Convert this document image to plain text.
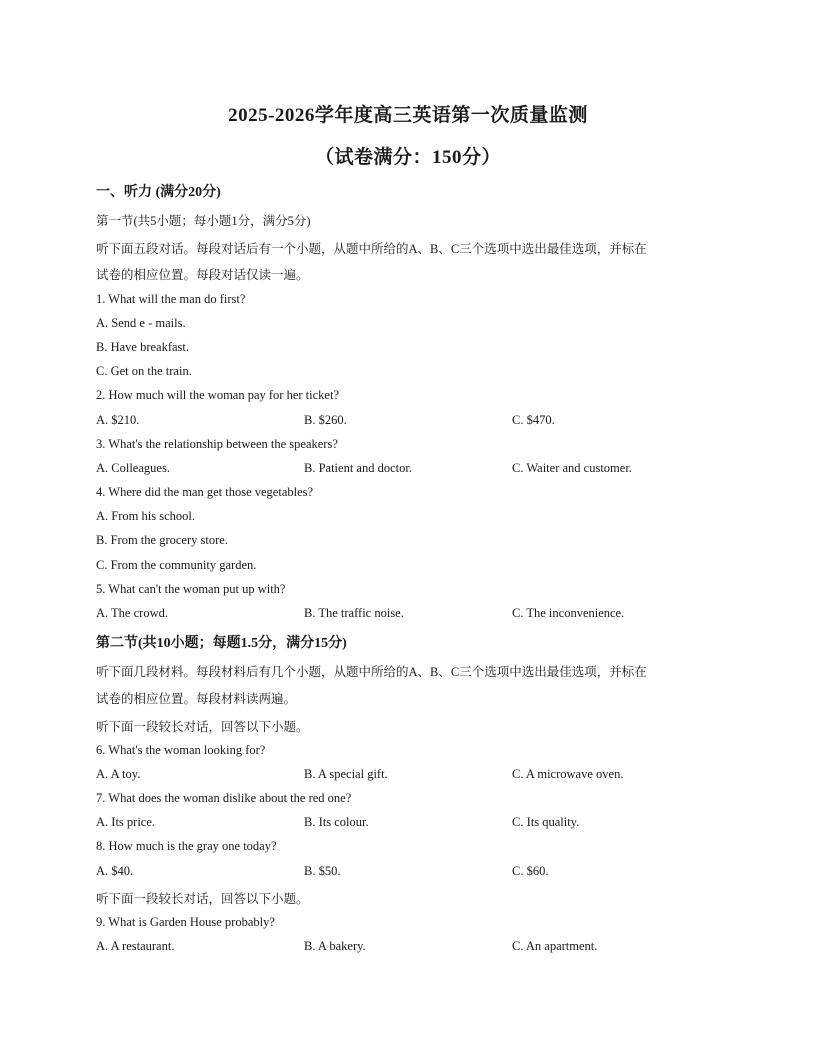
2025-2026学年度高三英语第一次质量监测
（试卷满分：150分）
一、听力 (满分20分)
第一节(共5小题；每小题1分，满分5分)
听下面五段对话。每段对话后有一个小题，从题中所给的A、B、C三个选项中选出最佳选项，并标在
试卷的相应位置。每段对话仅读一遍。
1. What will the man do first?
A. Send e - mails.
B. Have breakfast.
C. Get on the train.
2. How much will the woman pay for her ticket?
A. $210.	B. $260.	C. $470.
3. What's the relationship between the speakers?
A. Colleagues.	B. Patient and doctor.	C. Waiter and customer.
4. Where did the man get those vegetables?
A. From his school.
B. From the grocery store.
C. From the community garden.
5. What can't the woman put up with?
A. The crowd.	B. The traffic noise.	C. The inconvenience.
第二节(共10小题；每题1.5分，满分15分)
听下面几段材料。每段材料后有几个小题，从题中所给的A、B、C三个选项中选出最佳选项，并标在
试卷的相应位置。每段材料读两遍。
听下面一段较长对话，回答以下小题。
6. What's the woman looking for?
A. A toy.	B. A special gift.	C. A microwave oven.
7. What does the woman dislike about the red one?
A. Its price.	B. Its colour.	C. Its quality.
8. How much is the gray one today?
A. $40.	B. $50.	C. $60.
听下面一段较长对话，回答以下小题。
9. What is Garden House probably?
A. A restaurant.	B. A bakery.	C. An apartment.
